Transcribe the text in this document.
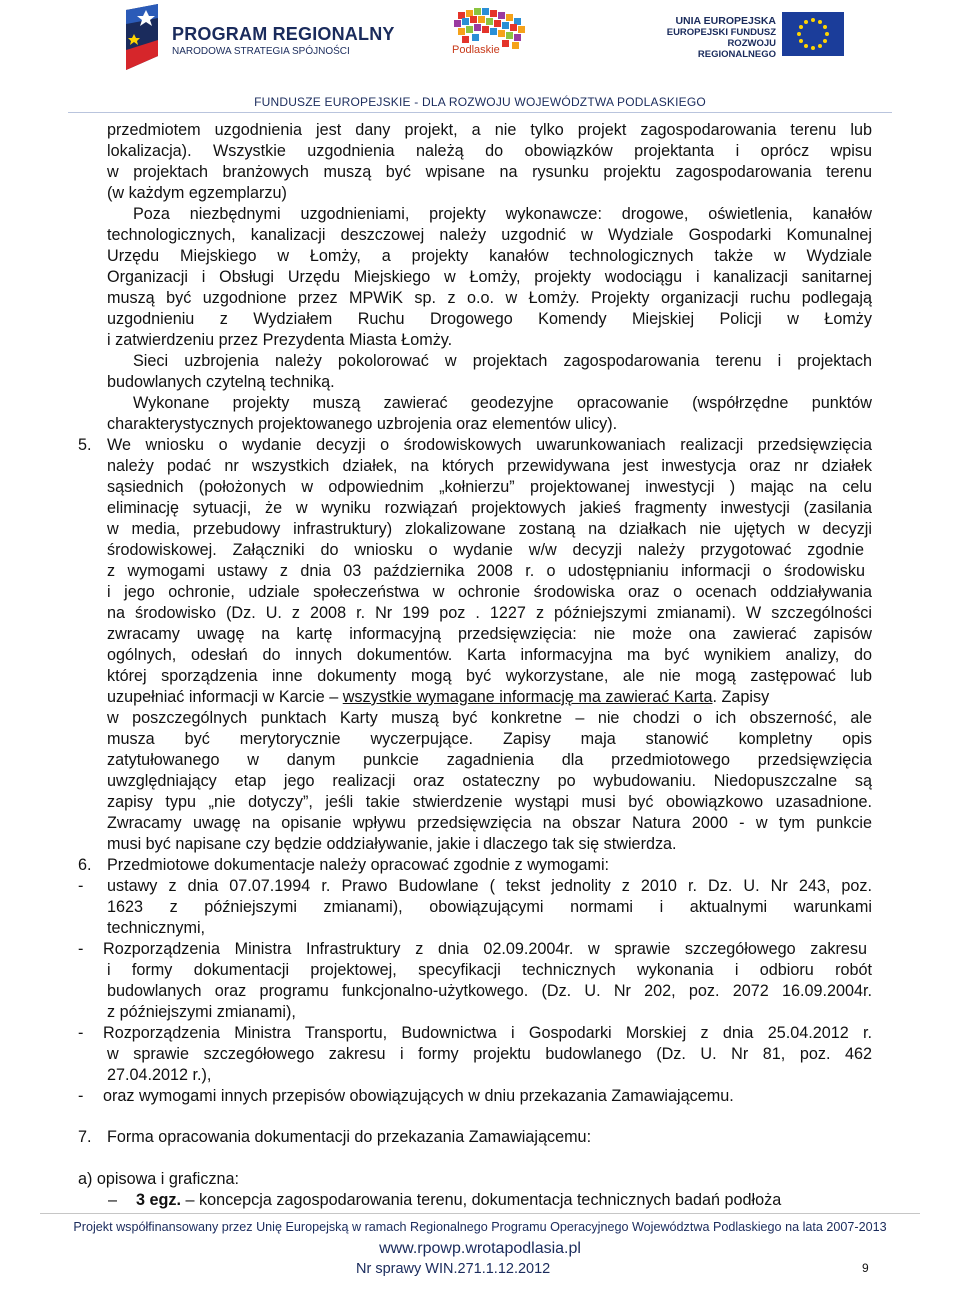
PROGRAM REGIONALNY
NARODOWA STRATEGIA SPÓJNOŚCI	Podlaskie
UNIA EUROPEJSKA
EUROPEJSKI FUNDUSZ
ROZWOJU REGIONALNEGO
FUNDUSZE EUROPEJSKIE - DLA ROZWOJU WOJEWÓDZTWA PODLASKIEGO
przedmiotem uzgodnienia jest dany projekt, a nie tylko projekt zagospodarowania terenu lub
lokalizacja). Wszystkie uzgodnienia należą do obowiązków projektanta i oprócz wpisu
w projektach branżowych muszą być wpisane na rysunku projektu zagospodarowania terenu
(w każdym egzemplarzu)
Poza niezbędnymi uzgodnieniami, projekty wykonawcze: drogowe, oświetlenia, kanałów
technologicznych, kanalizacji deszczowej należy uzgodnić w Wydziale Gospodarki Komunalnej
Urzędu Miejskiego w Łomży, a projekty kanałów technologicznych także w Wydziale
Organizacji i Obsługi Urzędu Miejskiego w Łomży, projekty wodociągu i kanalizacji sanitarnej
muszą być uzgodnione przez MPWiK sp. z o.o. w Łomży. Projekty organizacji ruchu podlegają
uzgodnieniu z Wydziałem Ruchu Drogowego Komendy Miejskiej Policji w Łomży
i zatwierdzeniu przez Prezydenta Miasta Łomży.
Sieci uzbrojenia należy pokolorować w projektach zagospodarowania terenu i projektach
budowlanych czytelną techniką.
Wykonane projekty muszą zawierać geodezyjne opracowanie (współrzędne punktów
charakterystycznych projektowanego uzbrojenia oraz elementów ulicy).
5. We wniosku o wydanie decyzji o środowiskowych uwarunkowaniach realizacji przedsięwzięcia
należy podać nr wszystkich działek, na których przewidywana jest inwestycja oraz nr działek
sąsiednich (położonych w odpowiednim „kołnierzu” projektowanej inwestycji ) mając na celu
eliminację sytuacji, że w wyniku rozwiązań projektowych jakieś fragmenty inwestycji (zasilania
w media, przebudowy infrastruktury) zlokalizowane zostaną na działkach nie ujętych w decyzji
środowiskowej. Załączniki do wniosku o wydanie w/w decyzji należy przygotować zgodnie
z wymogami ustawy z dnia 03 października 2008 r. o udostępnianiu informacji o środowisku
i jego ochronie, udziale społeczeństwa w ochronie środowiska oraz o ocenach oddziaływania
na środowisko (Dz. U. z 2008 r. Nr 199 poz . 1227 z późniejszymi zmianami). W szczególności
zwracamy uwagę na kartę informacyjną przedsięwzięcia: nie może ona zawierać zapisów
ogólnych, odesłań do innych dokumentów. Karta informacyjna ma być wynikiem analizy, do
której sporządzenia inne dokumenty mogą być wykorzystane, ale nie mogą zastępować lub
uzupełniać informacji w Karcie – wszystkie wymagane informację ma zawierać Karta. Zapisy
w poszczególnych punktach Karty muszą być konkretne – nie chodzi o ich obszerność, ale
musza być merytorycznie wyczerpujące. Zapisy maja stanowić kompletny opis
zatytułowanego w danym punkcie zagadnienia dla przedmiotowego przedsięwzięcia
uwzględniający etap jego realizacji oraz ostateczny po wybudowaniu. Niedopuszczalne są
zapisy typu „nie dotyczy”, jeśli takie stwierdzenie wystąpi musi być obowiązkowo uzasadnione.
Zwracamy uwagę na opisanie wpływu przedsięwzięcia na obszar Natura 2000 - w tym punkcie
musi być napisane czy będzie oddziaływanie, jakie i dlaczego tak się stwierdza.
6. Przedmiotowe dokumentacje należy opracować zgodnie z wymogami:
- ustawy z dnia 07.07.1994 r. Prawo Budowlane ( tekst jednolity z 2010 r. Dz. U. Nr 243, poz.
1623 z późniejszymi zmianami), obowiązującymi normami i aktualnymi warunkami
technicznymi,
- Rozporządzenia Ministra Infrastruktury z dnia 02.09.2004r. w sprawie szczegółowego zakresu
i formy dokumentacji projektowej, specyfikacji technicznych wykonania i odbioru robót
budowlanych oraz programu funkcjonalno-użytkowego. (Dz. U. Nr 202, poz. 2072 16.09.2004r.
z późniejszymi zmianami),
- Rozporządzenia Ministra Transportu, Budownictwa i Gospodarki Morskiej z dnia 25.04.2012 r.
w sprawie szczegółowego zakresu i formy projektu budowlanego (Dz. U. Nr 81, poz. 462
27.04.2012 r.),
- oraz wymogami innych przepisów obowiązujących w dniu przekazania Zamawiającemu.
7. Forma opracowania dokumentacji do przekazania Zamawiającemu:
a) opisowa i graficzna:
– 3 egz. – koncepcja zagospodarowania terenu, dokumentacja technicznych badań podłoża
Projekt współfinansowany przez Unię Europejską w ramach Regionalnego Programu Operacyjnego Województwa Podlaskiego na lata 2007-2013
www.rpowp.wrotapodlasia.pl
Nr sprawy WIN.271.1.12.2012	9
